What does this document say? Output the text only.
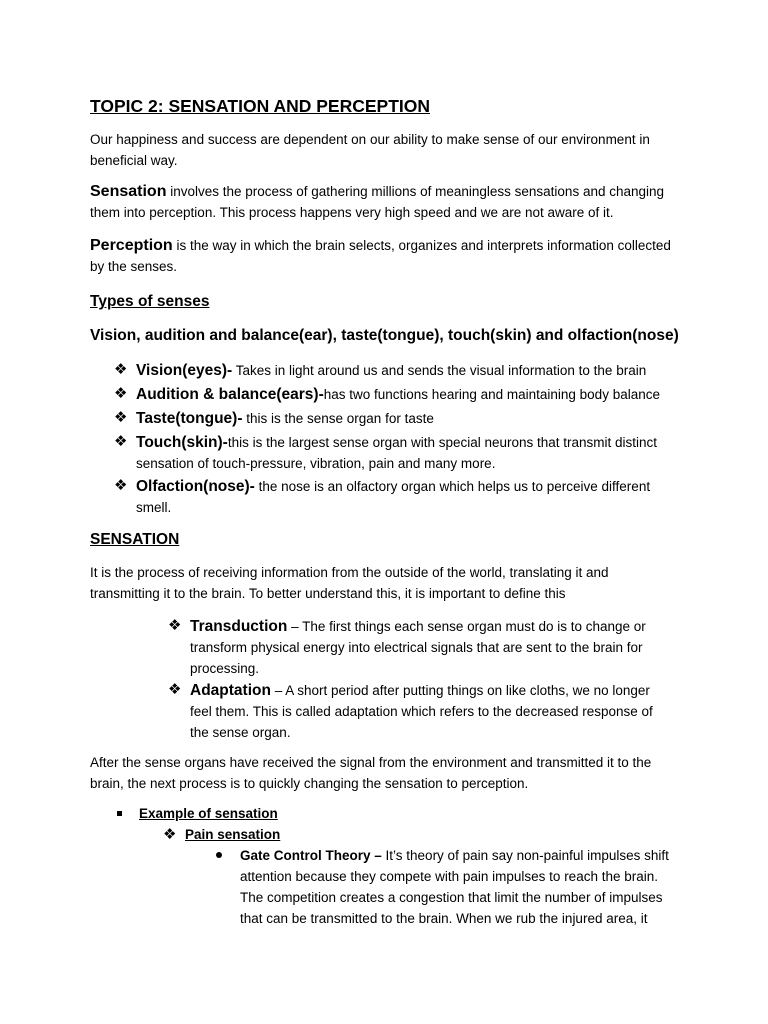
TOPIC 2: SENSATION AND PERCEPTION

Our happiness and success are dependent on our ability to make sense of our environment in beneficial way.

Sensation involves the process of gathering millions of meaningless sensations and changing them into perception. This process happens very high speed and we are not aware of it.

Perception is the way in which the brain selects, organizes and interprets information collected by the senses.

Types of senses

Vision, audition and balance(ear), taste(tongue), touch(skin) and olfaction(nose)

❖ Vision(eyes)- Takes in light around us and sends the visual information to the brain

❖ Audition & balance(ears)-has two functions hearing and maintaining body balance

❖ Taste(tongue)- this is the sense organ for taste

❖ Touch(skin)-this is the largest sense organ with special neurons that transmit distinct sensation of touch-pressure, vibration, pain and many more.

❖ Olfaction(nose)- the nose is an olfactory organ which helps us to perceive different smell.

SENSATION

It is the process of receiving information from the outside of the world, translating it and transmitting it to the brain. To better understand this, it is important to define this

❖ Transduction – The first things each sense organ must do is to change or transform physical energy into electrical signals that are sent to the brain for processing.

❖ Adaptation – A short period after putting things on like cloths, we no longer feel them. This is called adaptation which refers to the decreased response of the sense organ.

After the sense organs have received the signal from the environment and transmitted it to the brain, the next process is to quickly changing the sensation to perception.

Example of sensation

❖ Pain sensation

Gate Control Theory – It’s theory of pain say non-painful impulses shift attention because they compete with pain impulses to reach the brain. The competition creates a congestion that limit the number of impulses that can be transmitted to the brain. When we rub the injured area, it
